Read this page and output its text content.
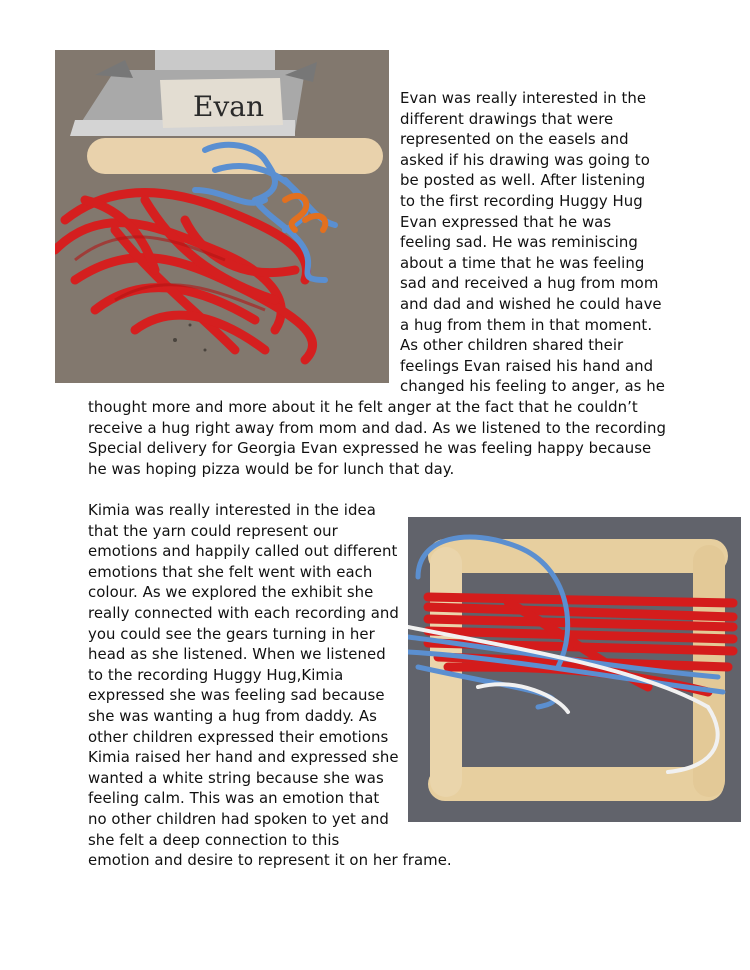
Evan	Evan was really interested in the
different drawings that were
represented on the easels and
asked if his drawing was going to
be posted as well. After listening
to the first recording Huggy Hug
Evan expressed that he was
feeling sad. He was reminiscing
about a time that he was feeling
sad and received a hug from mom
and dad and wished he could have
a hug from them in that moment.
As other children shared their
feelings Evan raised his hand and
changed his feeling to anger, as he
thought more and more about it he felt anger at the fact that he couldn’t
receive a hug right away from mom and dad. As we listened to the recording
Special delivery for Georgia Evan expressed he was feeling happy because
he was hoping pizza would be for lunch that day.
Kimia was really interested in the idea
that the yarn could represent our
emotions and happily called out different
emotions that she felt went with each
colour. As we explored the exhibit she
really connected with each recording and
you could see the gears turning in her
head as she listened. When we listened
to the recording Huggy Hug,Kimia
expressed she was feeling sad because
she was wanting a hug from daddy. As
other children expressed their emotions
Kimia raised her hand and expressed she
wanted a white string because she was
feeling calm. This was an emotion that
no other children had spoken to yet and
she felt a deep connection to this
emotion and desire to represent it on her frame.
